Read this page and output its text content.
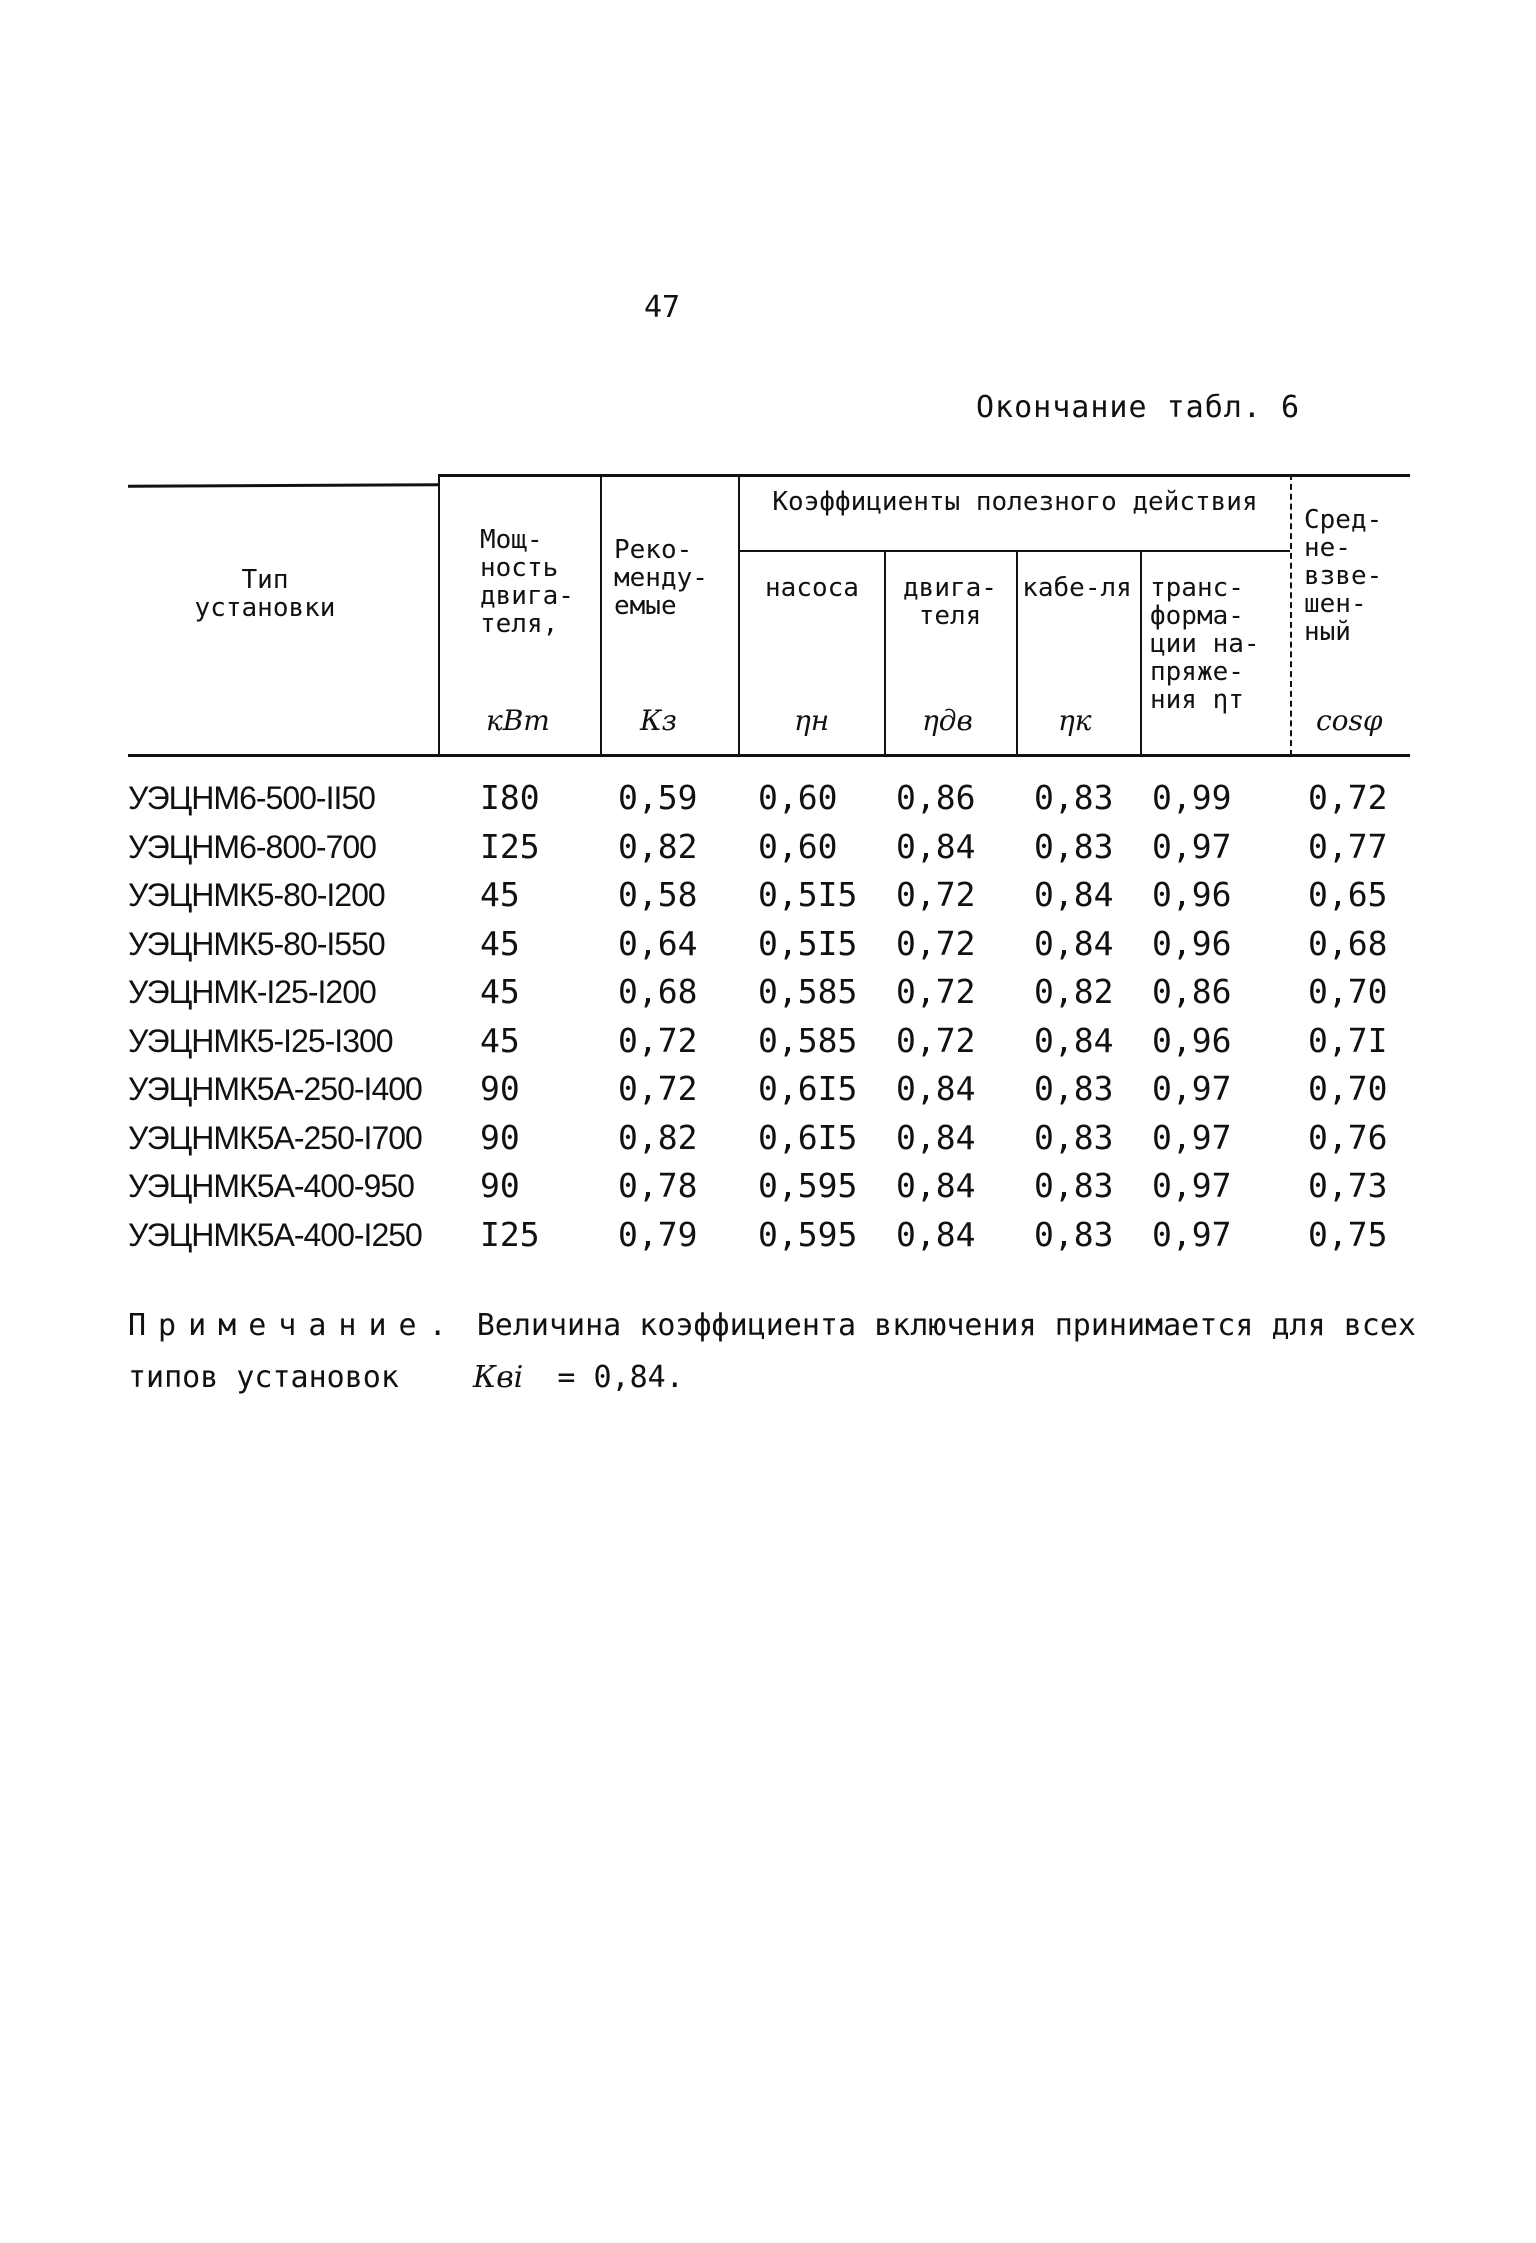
47
Окончание табл. 6
Тип установки
Мощ-ность двига-теля,
кВт
Реко-менду-емые
Кз
Коэффициенты полезного действия
насоса
ηн
двига-теля
ηдв
кабе-ля
ηк
транс-форма-ции на-пряже-ния ηт
Сред-не-взве-шен-ный
cosφ
УЭЦНМ6-500-II50	I80 0,59 0,60 0,86 0,83 0,99 0,72
УЭЦНМ6-800-700	I25 0,82 0,60 0,84 0,83 0,97 0,77
УЭЦНМК5-80-I200	45	0,58 0,5I5 0,72 0,84 0,96 0,65
УЭЦНМК5-80-I550	45	0,64 0,5I5 0,72 0,84 0,96 0,68
УЭЦНМК-I25-I200	45	0,68 0,585 0,72 0,82 0,86 0,70
УЭЦНМК5-I25-I300	45	0,72 0,585 0,72 0,84 0,96 0,7I
УЭЦНМК5А-250-I400 90	0,72 0,6I5 0,84 0,83 0,97 0,70
УЭЦНМК5А-250-I700 90	0,82 0,6I5 0,84 0,83 0,97 0,76
УЭЦНМК5А-400-950 90	0,78 0,595 0,84 0,83 0,97 0,73
УЭЦНМК5А-400-I250 I25 0,79 0,595 0,84 0,83 0,97 0,75
Примечание. Величина коэффициента включения принимается для всех типов установок Кві = 0,84.
